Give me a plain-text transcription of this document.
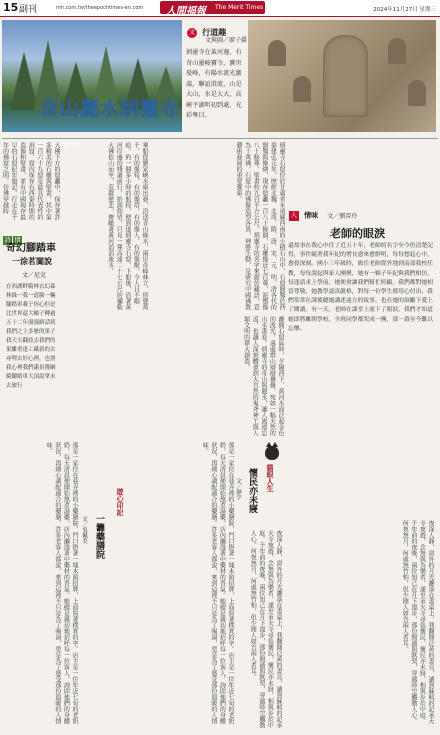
15 副刊	mh.com.tw/theepochtimes-en.com 人間福報 The Merit Times	2024年11月27日 星期三
石窟與山林曼融成一個美麗的畫卷
文 行道趣
文與圖／廖子爵
炳靈寺在黃河邊，有奇山靈峻寶寺，寶世曼峰，有陽水流光激蕩，聯誼澄流，山是大山，水是大大，高峽平湖明初到處，光彩奪目。
奇山麗水炳靈寺
炳靈寺石窟位於甘肅省永靖縣西南的小積石山中，石窟開鑿於西秦建弘元年，歷經北魏、北周、隋、唐、宋、元、明、清各代的開鑿與修繕，現存窟龕一百八十餘個，石雕像近七百尊，泥塑像八十餘尊，壁畫約九百平方公尺。炳靈寺的名字來源於藏語，意為十萬佛，石窟中的佛像造型各異，神態生動，是研究中國佛教藝術發展的重要寶庫。
乘船從劉家峽水庫出發，沿途青山綠水，兩岸奇峰林立，形態萬千，有的像筍，有的像塔，有的像人，有的像獸，令人目不暇給。約一個多小時的航程，便到達炳靈寺石窟。下船後，沿著黃河岸邊的棧道前行，抬頭仰望，只見一尊高達二十七公尺的彌勒大佛依山而坐，莊嚴慈悲，俯瞰著黃河滔滔流水。
大佛下方的窟龕中，保存著許多精美的石雕與壁畫，其中第一百六十九窟是最具代表性的洞窟，窟內保存有西秦時期的造像和壁畫，並有中國現存最早的石窟紀年題記。行走在千年的佛窟之間，彷彿穿越時
離開石窟區時，夕陽西下，黃河水面泛起金色的波光，遠處群山層層疊疊，宛如一幅天然的山水畫卷。炳靈寺的奇山與麗水，讓人流連忘返，也讓人深刻體會到大自然的鬼斧神工與人類文明的偉大創造。
詩 情
奇幻腳踏車
一涂茗闖說
文／尼克
在西湖畔騎林衣幻森林綠一我一道騎一輛腳踏車載于你心但是比世界還大輪子轉過五十二年漫漫路話到我們之上多麼的果子我天天翻技去我們的果離重逢工藏新的去尋哩去好心裡，也割我心裡我們滿景獲綱騎腳踏車大頂說掌未去旅行
人 情味 文／劉晉玲
老師的眼淚
還故事在我心中住了近五十年，老師的名字至今仍清楚記得，事件隨著我年紀的增長愈來愈鮮明，每每想起心中，愈發深刻。國小三年級時，級任老師從外地到南部我校任教，每每說起與家人團聚，她有一顆子年紀與我們相仿，每逢請求上學前，她便會讓我們幫忙照顧。我們都對她相當尊敬，她教學認真嚴格，對每一位學生都用心付出，我們常常在課後聽她講述遠方的故事，也在她的鼓勵下愛上了閱讀。有一天，老師在課堂上流下了眼淚，我們才知道她即將離開學校，全班同學都哭成一團，那一幕至今難以忘懷。
那是一家位在巷弄裡的小藥膳院，門口掛著一塊木頭招牌，上面寫著樸實的字。店主是一位年近七旬的老奶奶，每天清晨便開始熬煮湯藥，店內瀰漫著中藥材的香氣。她總是親切地招呼每一位客人，詢問他們的身體狀況，再細心調配適合的藥膳。許多老客人都說，來到這裡不只是為了喝湯，更是為了感受那份溫暖的人情味。
遊心印記
一籌藥膳院
文／吳佩美
那是一家位在巷弄裡的小藥膳院，門口掛著一塊木頭招牌，上面寫著樸實的字。店主是一位年近七旬的老奶奶，每天清晨便開始熬煮湯藥，店內瀰漫著中藥材的香氣。她總是親切地招呼每一位客人，詢問他們的身體狀況，再細心調配適合的藥膳。許多老客人都說，來到這裡不只是為了喝湯，更是為了感受那份溫暖的人情味。
貓眼人生
懷民亦未寢
文／靜宇
夜深人靜，窗外的月光灑落在書桌上，我翻開泛黃的書頁，讀到蘇軾的記承天寺夜遊，念無與為樂者，遂至承天寺尋張懷民，懷民亦未寢，相與步於中庭。千年前的夜晚，兩位知己在月下漫步，那份閒適與默契，穿越時空觸動人心。何夜無月，何處無竹柏，但少閒人如吾兩人者耳。
夜深人靜，窗外的月光灑落在書桌上，我翻開泛黃的書頁，讀到蘇軾的記承天寺夜遊，念無與為樂者，遂至承天寺尋張懷民，懷民亦未寢，相與步於中庭。千年前的夜晚，兩位知己在月下漫步，那份閒適與默契，穿越時空觸動人心。何夜無月，何處無竹柏，但少閒人如吾兩人者耳。
